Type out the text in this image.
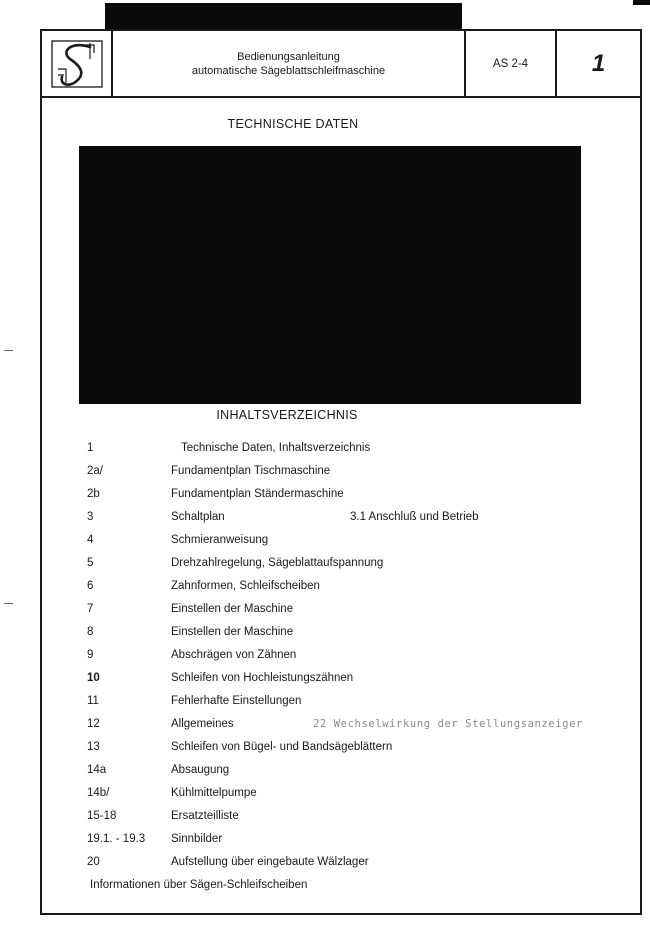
Bedienungsanleitung
automatische Sägeblattschleifmaschine
AS 2-4	1
TECHNISCHE DATEN
INHALTSVERZEICHNIS
1	Technische Daten, Inhaltsverzeichnis
2a/	Fundamentplan Tischmaschine
2b	Fundamentplan Ständermaschine
3	Schaltplan	3.1 Anschluß und Betrieb
4	Schmieranweisung
5	Drehzahlregelung, Sägeblattaufspannung
6	Zahnformen, Schleifscheiben
7	Einstellen der Maschine
8	Einstellen der Maschine
9	Abschrägen von Zähnen
10	Schleifen von Hochleistungszähnen
11	Fehlerhafte Einstellungen
12	Allgemeines	22 Wechselwirkung der Stellungsanzeiger
13	Schleifen von Bügel- und Bandsägeblättern
14a	Absaugung
14b/	Kühlmittelpumpe
15-18	Ersatzteilliste
19.1. - 19.3	Sinnbilder
20	Aufstellung über eingebaute Wälzlager
Informationen über Sägen-Schleifscheiben
